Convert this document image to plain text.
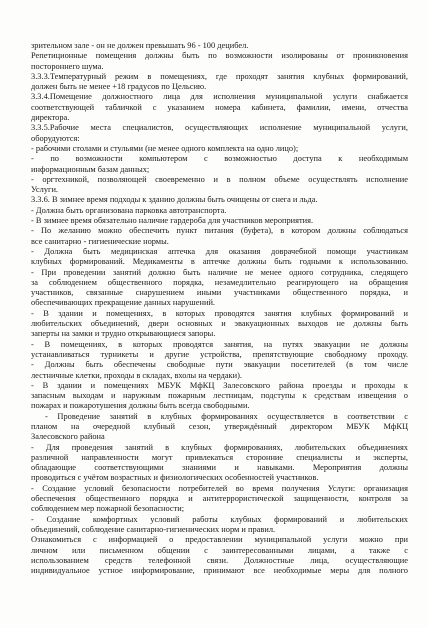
зрительном зале - он не должен превышать 96 - 100 децибел.
Репетиционные помещения должны быть по возможности изолированы от проникновения
постороннего шума.
3.3.3.Температурный режим в помещениях, где проходят занятия клубных формирований,
должен быть не менее +18 градусов по Цельсию.
3.3.4.Помещение должностного лица для исполнения муниципальной услуги снабжается
соответствующей табличкой с указанием номера кабинета, фамилии, имени, отчества
директора.
3.3.5.Рабочие места специалистов, осуществляющих исполнение муниципальной услуги,
оборудуются:
- рабочими столами и стульями (не менее одного комплекта на одно лицо);
- по возможности компьютером с возможностью доступа к необходимым
информационным базам данных;
- оргтехникой, позволяющей своевременно и в полном объеме осуществлять исполнение
Услуги.
3.3.6. В зимнее время подходы к зданию должны быть очищены от снега и льда.
- Должна быть организована парковка автотранспорта.
- В зимнее время обязательно наличие гардероба для участников мероприятия.
- По желанию можно обеспечить пункт питания (буфета), в котором должны соблюдаться
все санитарно - гигиенические нормы.
- Должна быть медицинская аптечка для оказания доврачебной помощи участникам
клубных формирований. Медикаменты в аптечке должны быть годными к использованию.
- При проведении занятий должно быть наличие не менее одного сотрудника, следящего
за соблюдением общественного порядка, незамедлительно реагирующего на обращения
участников, связанные снарушением иными участниками общественного порядка, и
обеспечивающих прекращение данных нарушений.
- В здании и помещениях, в которых проводятся занятия клубных формирований и
любительских объединений, двери основных и эвакуационных выходов не должны быть
заперты на замки и трудно открывающиеся запоры.
- В помещениях, в которых проводятся занятия, на путях эвакуации не должны
устанавливаться турникеты и другие устройства, препятствующие свободному проходу.
- Должны быть обеспечены свободные пути эвакуации посетителей (в том числе
лестничные клетки, проходы в складах, вхолы на чердаки).
- В здании и помещениях МБУК МфКЦ Залесовского района проезды и проходы к
запасным выходам и наружным пожарным лестницам, подступы к средствам извещения о
пожарах и пожаротушения должны быть всегда свободными.
- Проведение занятий в клубных формированиях осуществляется в соответствии с
планом на очередной клубный сезон, утверждённый директором МБУК МфКЦ
Залесовского района
- Для проведения занятий в клубных формированиях, любительских объединениях
различной направленности могут привлекаться сторонние специалисты и эксперты,
обладающие соответствующими знаниями и навыками. Мероприятия должны
проводиться с учётом возрастных и физиологических особенностей участников.
- Создание условий безопасности потребителей во время получения Услуги: организация
обеспечения общественного порядка и антитеррористической защищенности, контроля за
соблюдением мер пожарной безопасности;
- Создание комфортных условий работы клубных формирований и любительских
объединений, соблюдение санитарно-гигиенических норм и правил.
Ознакомиться с информацией о предоставлении муниципальной услуги можно при
личном или письменном общении с заинтересованными лицами, а также с
использованием средств телефонной связи. Должностные лица, осуществляющие
индивидуальное устное информирование, принимают все необходимые меры для полного
